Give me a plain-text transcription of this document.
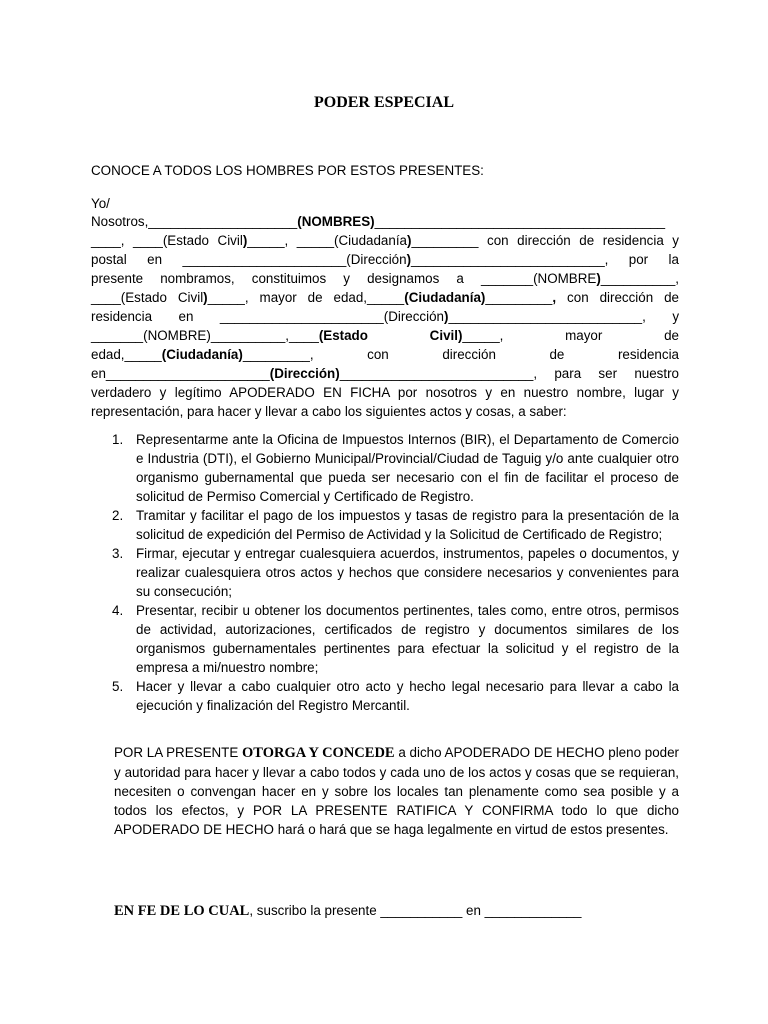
PODER ESPECIAL
CONOCE A TODOS LOS HOMBRES POR ESTOS PRESENTES:
Yo/
Nosotros,____________________(NOMBRES)_______________________________________
____, ____(Estado Civil)_____, _____(Ciudadanía)_________ con dirección de residencia y
postal en ______________________(Dirección)__________________________, por la
presente nombramos, constituimos y designamos a _______(NOMBRE)__________,
____(Estado Civil)_____, mayor de edad,_____(Ciudadanía)_________, con dirección de
residencia en ______________________(Dirección)__________________________, y
_______(NOMBRE)__________,____(Estado Civil)_____, mayor de
edad,_____(Ciudadanía)_________, con dirección de residencia
en______________________(Dirección)__________________________, para ser nuestro
verdadero y legítimo APODERADO EN FICHA por nosotros y en nuestro nombre, lugar y
representación, para hacer y llevar a cabo los siguientes actos y cosas, a saber:
1. Representarme ante la Oficina de Impuestos Internos (BIR), el Departamento de Comercio e Industria (DTI), el Gobierno Municipal/Provincial/Ciudad de Taguig y/o ante cualquier otro organismo gubernamental que pueda ser necesario con el fin de facilitar el proceso de solicitud de Permiso Comercial y Certificado de Registro.
2. Tramitar y facilitar el pago de los impuestos y tasas de registro para la presentación de la solicitud de expedición del Permiso de Actividad y la Solicitud de Certificado de Registro;
3. Firmar, ejecutar y entregar cualesquiera acuerdos, instrumentos, papeles o documentos, y realizar cualesquiera otros actos y hechos que considere necesarios y convenientes para su consecución;
4. Presentar, recibir u obtener los documentos pertinentes, tales como, entre otros, permisos de actividad, autorizaciones, certificados de registro y documentos similares de los organismos gubernamentales pertinentes para efectuar la solicitud y el registro de la empresa a mi/nuestro nombre;
5. Hacer y llevar a cabo cualquier otro acto y hecho legal necesario para llevar a cabo la ejecución y finalización del Registro Mercantil.
POR LA PRESENTE OTORGA Y CONCEDE a dicho APODERADO DE HECHO pleno poder y autoridad para hacer y llevar a cabo todos y cada uno de los actos y cosas que se requieran, necesiten o convengan hacer en y sobre los locales tan plenamente como sea posible y a todos los efectos, y POR LA PRESENTE RATIFICA Y CONFIRMA todo lo que dicho APODERADO DE HECHO hará o hará que se haga legalmente en virtud de estos presentes.
EN FE DE LO CUAL, suscribo la presente ___________ en _____________
